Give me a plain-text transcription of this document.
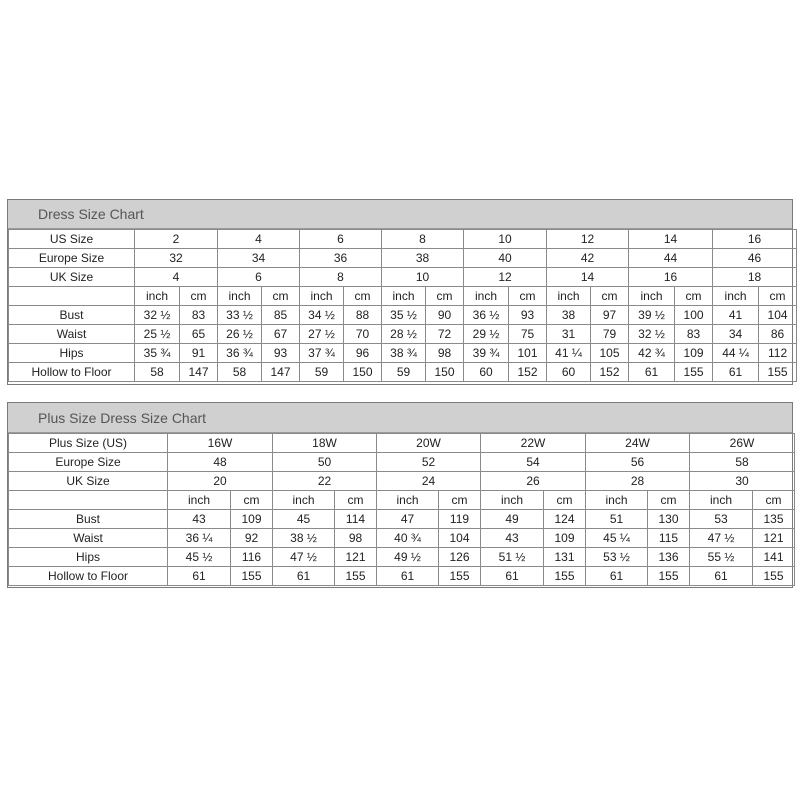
Dress Size Chart
US Size	2		4		6		8		10		12		14		16	
Europe Size	32		34		36		38		40		42		44		46	
UK Size	4		6		8		10		12		14		16		18	
	inch	cm	inch	cm	inch	cm	inch	cm	inch	cm	inch	cm	inch	cm	inch	cm
Bust	32 ½	83	33 ½	85	34 ½	88	35 ½	90	36 ½	93	38	97	39 ½	100	41	104
Waist	25 ½	65	26 ½	67	27 ½	70	28 ½	72	29 ½	75	31	79	32 ½	83	34	86
Hips	35 ¾	91	36 ¾	93	37 ¾	96	38 ¾	98	39 ¾	101	41 ¼	105	42 ¾	109	44 ¼	112
Hollow to Floor	58	147	58	147	59	150	59	150	60	152	60	152	61	155	61	155
Plus Size Dress Size Chart
Plus Size (US)	16W		18W		20W		22W		24W		26W	
Europe Size	48		50		52		54		56		58	
UK Size	20		22		24		26		28		30	
	inch	cm	inch	cm	inch	cm	inch	cm	inch	cm	inch	cm
Bust	43	109	45	114	47	119	49	124	51	130	53	135
Waist	36 ¼	92	38 ½	98	40 ¾	104	43	109	45 ¼	115	47 ½	121
Hips	45 ½	116	47 ½	121	49 ½	126	51 ½	131	53 ½	136	55 ½	141
Hollow to Floor	61	155	61	155	61	155	61	155	61	155	61	155
